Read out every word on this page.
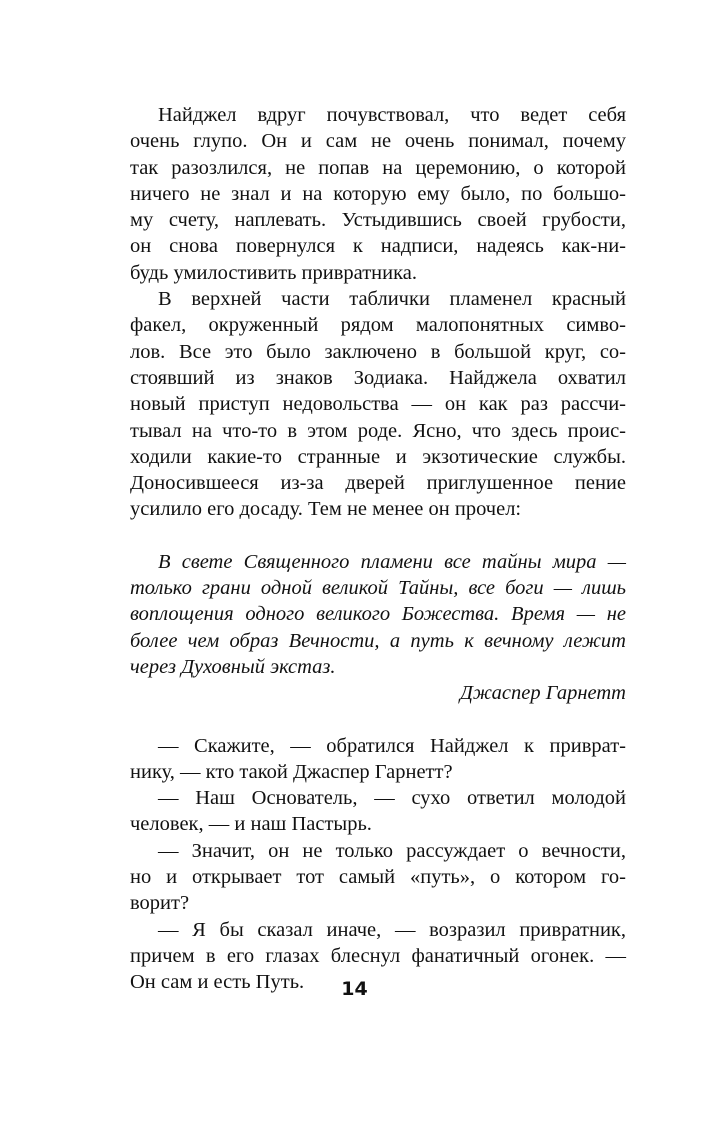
Найджел вдруг почувствовал, что ведет себя
очень глупо. Он и сам не очень понимал, почему
так разозлился, не попав на церемонию, о которой
ничего не знал и на которую ему было, по большо-
му счету, наплевать. Устыдившись своей грубости,
он снова повернулся к надписи, надеясь как-ни-
будь умилостивить привратника.
В верхней части таблички пламенел красный
факел, окруженный рядом малопонятных симво-
лов. Все это было заключено в большой круг, со-
стоявший из знаков Зодиака. Найджела охватил
новый приступ недовольства — он как раз рассчи-
тывал на что-то в этом роде. Ясно, что здесь проис-
ходили какие-то странные и экзотические службы.
Доносившееся из-за дверей приглушенное пение
усилило его досаду. Тем не менее он прочел:
В свете Священного пламени все тайны мира —
только грани одной великой Тайны, все боги — лишь
воплощения одного великого Божества. Время — не
более чем образ Вечности, а путь к вечному лежит
через Духовный экстаз.
Джаспер Гарнетт
— Скажите, — обратился Найджел к приврат-
нику, — кто такой Джаспер Гарнетт?
— Наш Основатель, — сухо ответил молодой
человек, — и наш Пастырь.
— Значит, он не только рассуждает о вечности,
но и открывает тот самый «путь», о котором го-
ворит?
— Я бы сказал иначе, — возразил привратник,
причем в его глазах блеснул фанатичный огонек. —
Он сам и есть Путь.	14
